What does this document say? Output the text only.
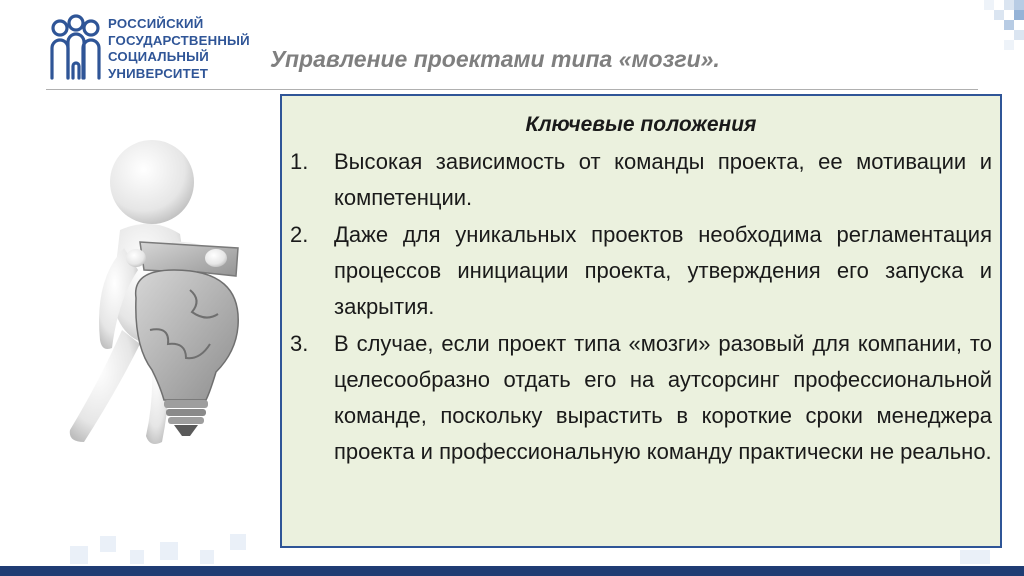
РОССИЙСКИЙ
ГОСУДАРСТВЕННЫЙ
СОЦИАЛЬНЫЙ
УНИВЕРСИТЕТ
Управление проектами типа «мозги».
Ключевые положения
1.	Высокая зависимость от команды проекта, ее мотивации и компетенции.
2.	Даже для уникальных проектов необходима регламентация процессов инициации проекта, утверждения его запуска и закрытия.
3.	В случае, если проект типа «мозги» разовый для компании, то целесообразно отдать его на аутсорсинг профессиональной команде, поскольку вырастить в короткие сроки менеджера проекта и профессиональную команду практически не реально.
